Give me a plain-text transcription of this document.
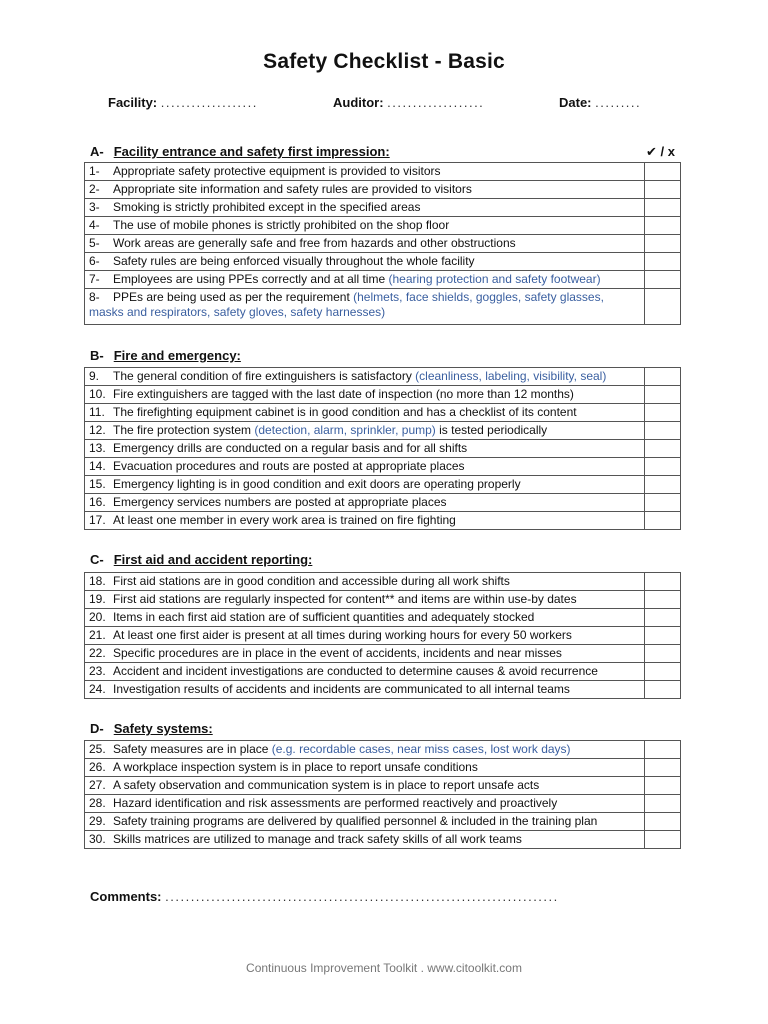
Safety Checklist - Basic
Facility: ...................	Auditor: ...................	Date: .........
✔ / x
A- Facility entrance and safety first impression:
1- Appropriate safety protective equipment is provided to visitors	
2- Appropriate site information and safety rules are provided to visitors	
3- Smoking is strictly prohibited except in the specified areas	
4- The use of mobile phones is strictly prohibited on the shop floor	
5- Work areas are generally safe and free from hazards and other obstructions	
6- Safety rules are being enforced visually throughout the whole facility	
7- Employees are using PPEs correctly and at all time (hearing protection and safety footwear)	
8- PPEs are being used as per the requirement (helmets, face shields, goggles, safety glasses, masks and respirators, safety gloves, safety harnesses)	
B- Fire and emergency:
9. The general condition of fire extinguishers is satisfactory (cleanliness, labeling, visibility, seal)	
10. Fire extinguishers are tagged with the last date of inspection (no more than 12 months)	
11. The firefighting equipment cabinet is in good condition and has a checklist of its content	
12. The fire protection system (detection, alarm, sprinkler, pump) is tested periodically	
13. Emergency drills are conducted on a regular basis and for all shifts	
14. Evacuation procedures and routs are posted at appropriate places	
15. Emergency lighting is in good condition and exit doors are operating properly	
16. Emergency services numbers are posted at appropriate places	
17. At least one member in every work area is trained on fire fighting	
C- First aid and accident reporting:
18. First aid stations are in good condition and accessible during all work shifts	
19. First aid stations are regularly inspected for content** and items are within use-by dates	
20. Items in each first aid station are of sufficient quantities and adequately stocked	
21. At least one first aider is present at all times during working hours for every 50 workers	
22. Specific procedures are in place in the event of accidents, incidents and near misses	
23. Accident and incident investigations are conducted to determine causes & avoid recurrence	
24. Investigation results of accidents and incidents are communicated to all internal teams	
D- Safety systems:
25. Safety measures are in place (e.g. recordable cases, near miss cases, lost work days)	
26. A workplace inspection system is in place to report unsafe conditions	
27. A safety observation and communication system is in place to report unsafe acts	
28. Hazard identification and risk assessments are performed reactively and proactively	
29. Safety training programs are delivered by qualified personnel & included in the training plan	
30. Skills matrices are utilized to manage and track safety skills of all work teams	
Comments: .............................................................................
Continuous Improvement Toolkit . www.citoolkit.com
